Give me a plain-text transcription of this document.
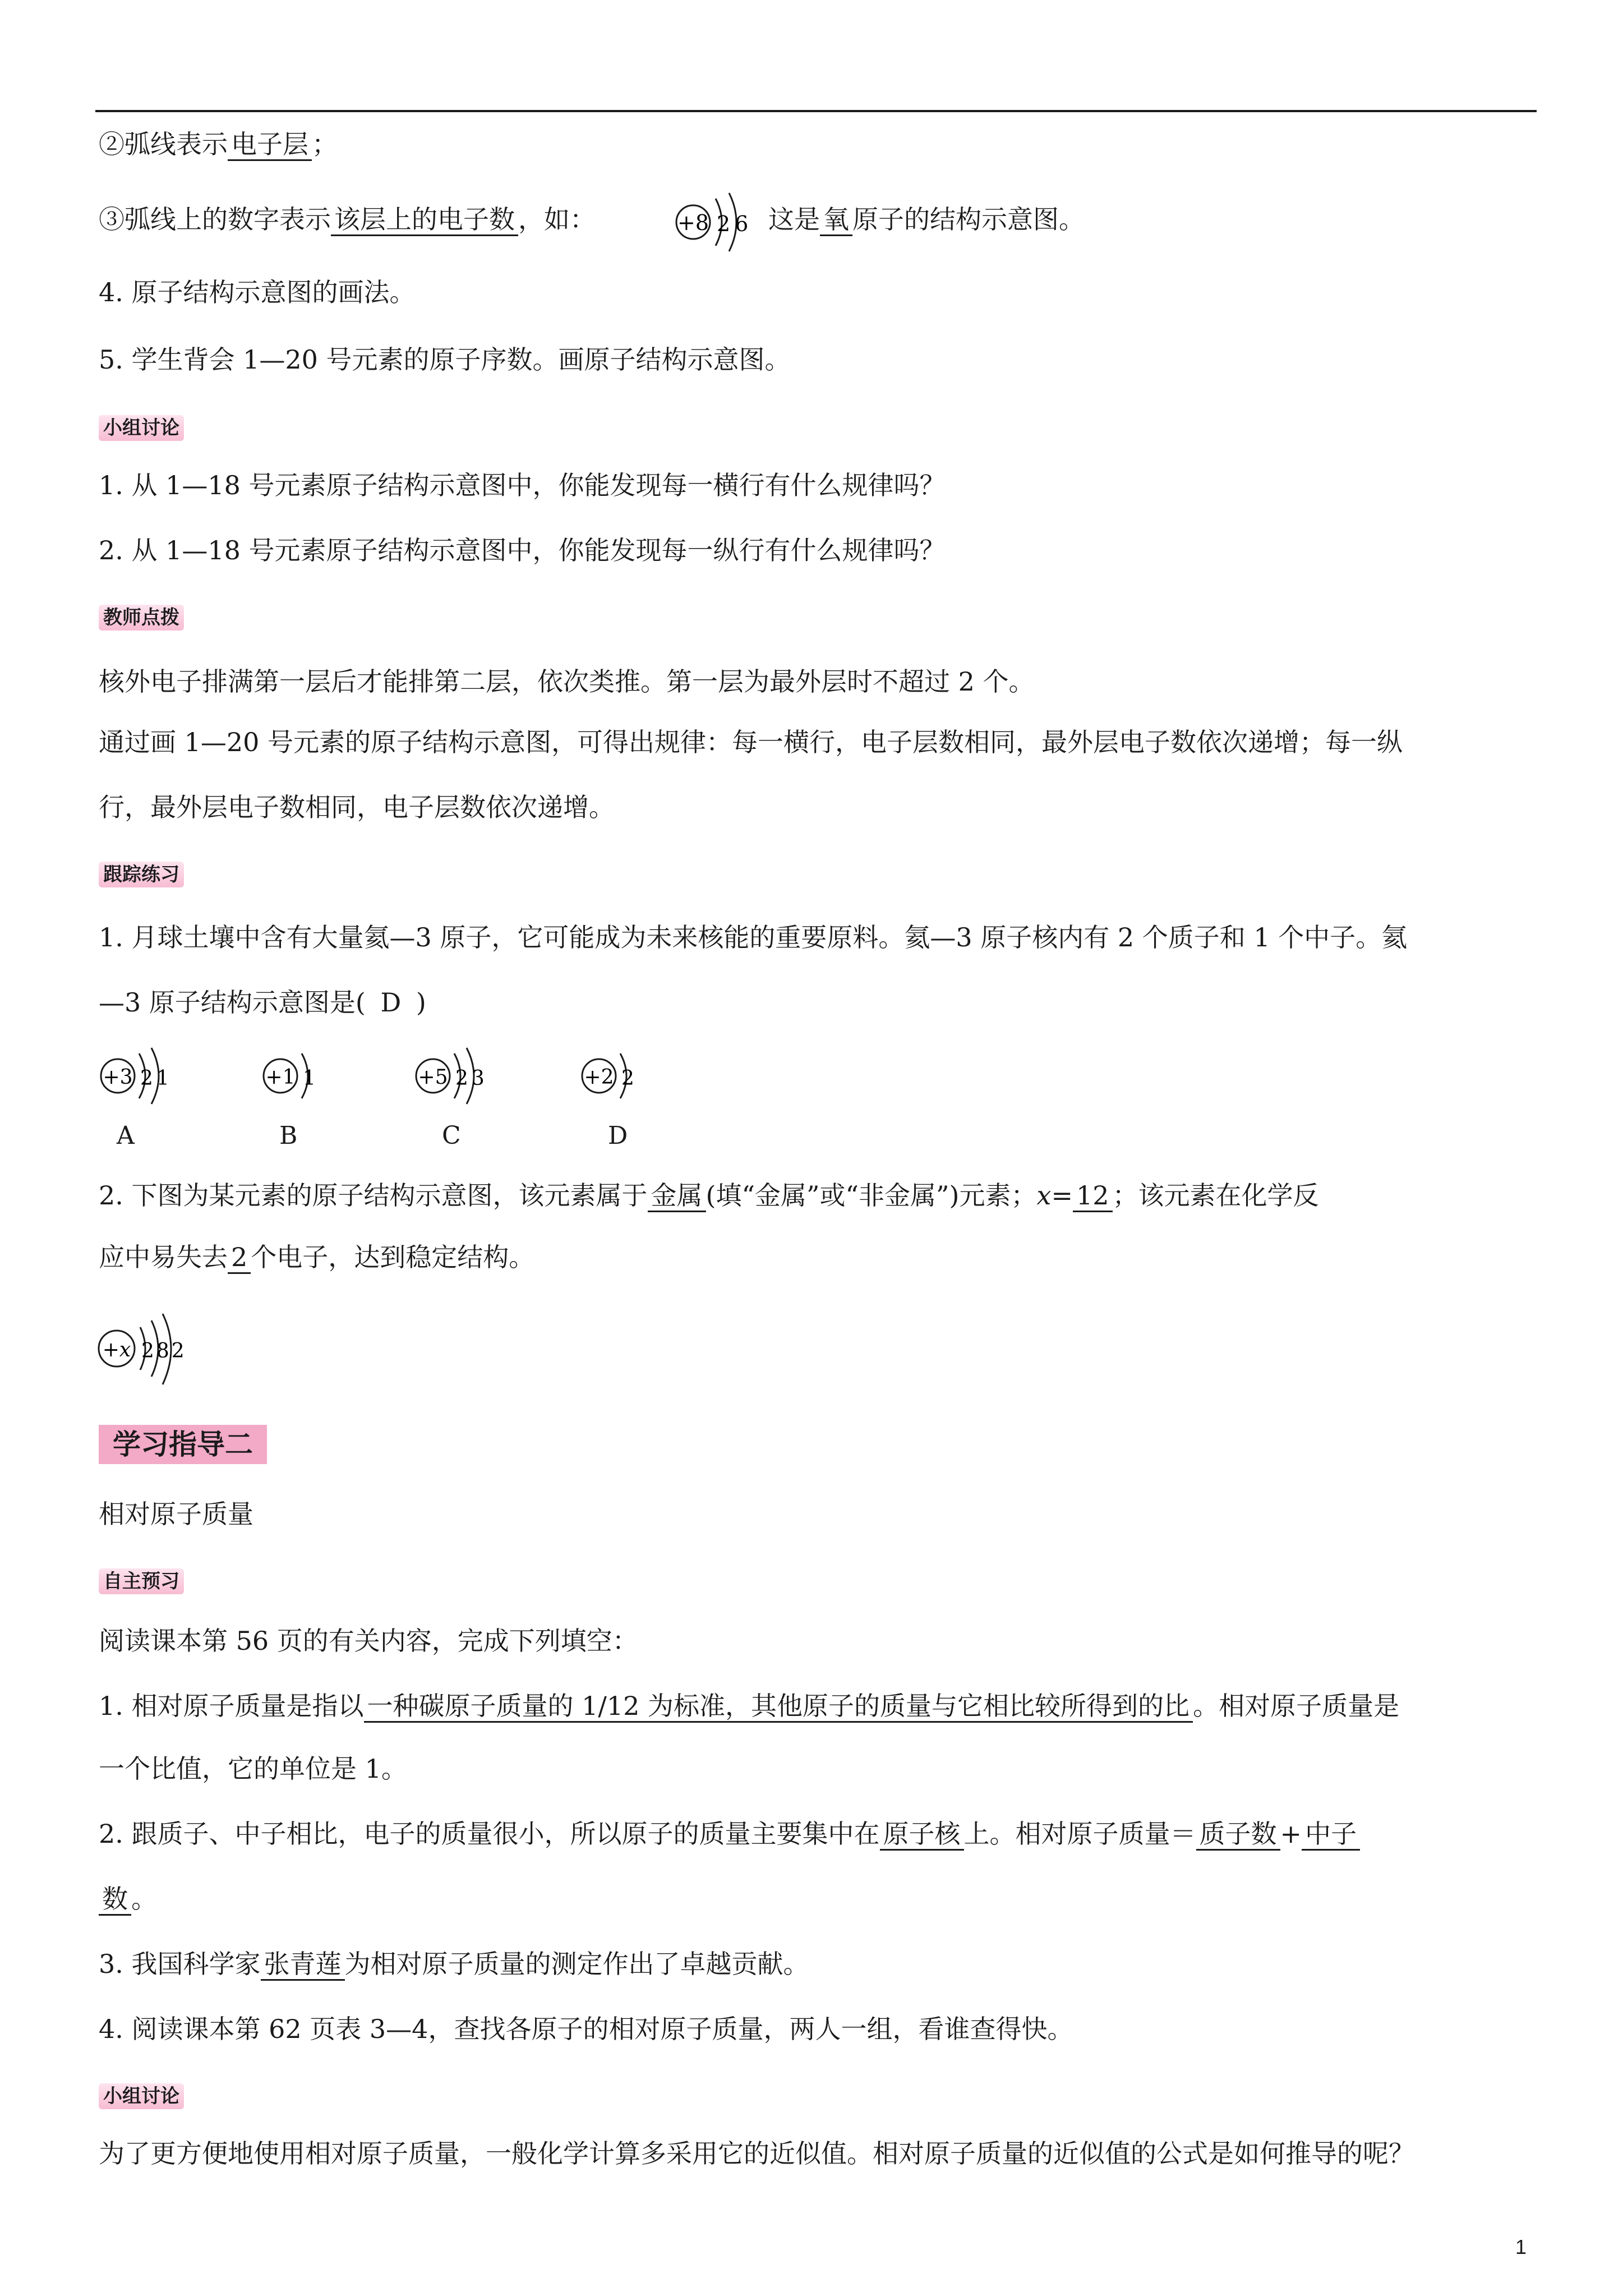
②弧线表示 电子层 ；
③弧线上的数字表示 该层上的电子数 ，如：	+8 26 这是 氧 原子的结构示意图。
4. 原子结构示意图的画法。
5. 学生背会 1—20 号元素的原子序数。画原子结构示意图。
小组讨论
1. 从 1—18 号元素原子结构示意图中，你能发现每一横行有什么规律吗？
2. 从 1—18 号元素原子结构示意图中，你能发现每一纵行有什么规律吗？
教师点拨
核外电子排满第一层后才能排第二层，依次类推。第一层为最外层时不超过 2 个。
通过画 1—20 号元素的原子结构示意图，可得出规律：每一横行，电子层数相同，最外层电子数依次递增；每一纵
行，最外层电子数相同，电子层数依次递增。
跟踪练习
1. 月球土壤中含有大量氦—3 原子，它可能成为未来核能的重要原料。氦—3 原子核内有 2 个质子和 1 个中子。氦
—3 原子结构示意图是( D )
+3 21
A
+1 1
B
+5 23
C
+2 2
D
2. 下图为某元素的原子结构示意图，该元素属于 金属 (填“金属”或“非金属”)元素；x= 12 ；该元素在化学反
应中易失去 2 个电子，达到稳定结构。
+x 282
学习指导二
相对原子质量
自主预习
阅读课本第 56 页的有关内容，完成下列填空：
1. 相对原子质量是指以 一种碳原子质量的 1/12 为标准，其他原子的质量与它相比较所得到的比 。相对原子质量是
一个比值，它的单位是 1。
2. 跟质子、中子相比，电子的质量很小，所以原子的质量主要集中在 原子核 上。相对原子质量＝ 质子数 + 中子
数 。
3. 我国科学家 张青莲 为相对原子质量的测定作出了卓越贡献。
4. 阅读课本第 62 页表 3—4，查找各原子的相对原子质量，两人一组，看谁查得快。
小组讨论
为了更方便地使用相对原子质量，一般化学计算多采用它的近似值。相对原子质量的近似值的公式是如何推导的呢？
1
